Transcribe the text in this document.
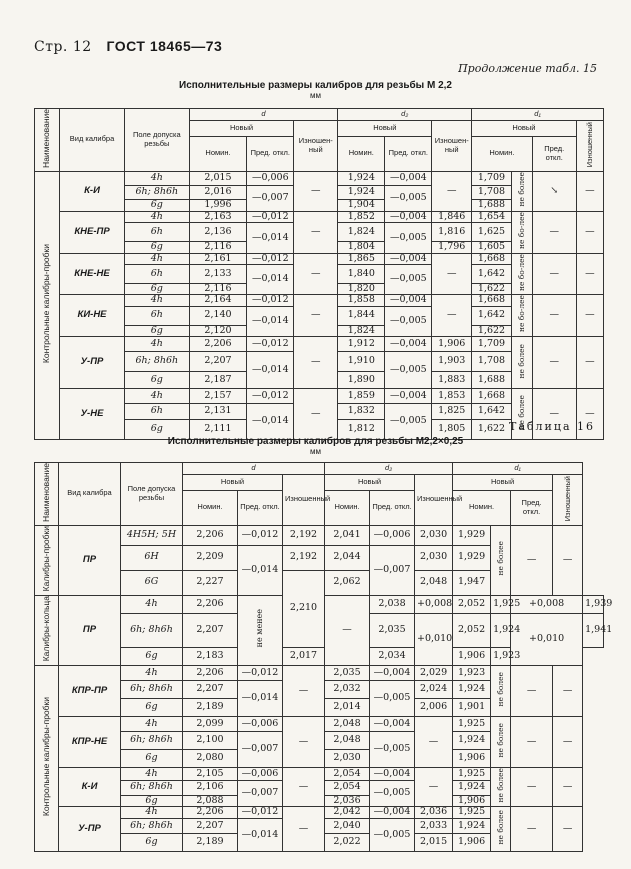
Стр. 12 ГОСТ 18465—73
Продолжение табл. 15
Исполнительные размеры калибров для резьбы М 2,2
мм
Наименование	Вид калибра	Поле допуска резьбы	d			d₂			d₁			
			Новый		Изношен-ный	Новый		Изношен-ный	Новый			Изношенный
			Номин.	Пред. откл.		Номин.	Пред. откл.		Номин.		Пред. откл.	
Контрольные калибры-пробки	К-И	4h	2,015	—0,006	—	1,924	—0,004	—	1,709	не более	↘	—
		6h; 8h6h	2,016	—0,007		1,924	—0,005		1,708			
		6g	1,996			1,904			1,688			
	КНЕ-ПР	4h	2,163	—0,012	—	1,852	—0,004	1,846	1,654	не бо-лее	—	—
		6h	2,136	—0,014		1,824	—0,005	1,816	1,625			
		6g	2,116			1,804		1,796	1,605			
	КНЕ-НЕ	4h	2,161	—0,012	—	1,865	—0,004	—	1,668	не бо-лее	—	—
		6h	2,133	—0,014		1,840	—0,005		1,642			
		6g	2,116			1,820			1,622			
	КИ-НЕ	4h	2,164	—0,012	—	1,858	—0,004	—	1,668	не бо-лее	—	—
		6h	2,140	—0,014		1,844	—0,005		1,642			
		6g	2,120			1,824			1,622			
	У-ПР	4h	2,206	—0,012	—	1,912	—0,004	1,906	1,709	не более	—	—
		6h; 8h6h	2,207	—0,014		1,910	—0,005	1,903	1,708			
		6g	2,187			1,890		1,883	1,688			
	У-НЕ	4h	2,157	—0,012	—	1,859	—0,004	1,853	1,668	не более	—	—
		6h	2,131	—0,014		1,832	—0,005	1,825	1,642			
		6g	2,111			1,812		1,805	1,622			Таблица 16
Исполнительные размеры калибров для резьбы М2,2×0,25
мм
Наименование	Вид калибра	Поле допуска резьбы	d			d₂			d₁				
			Новый		Изношенный	Новый		Изношенный	Новый			Изношенный	
			Номин.	Пред. откл.		Номин.	Пред. откл.		Номин.		Пред. откл.		
Калибры-пробки	ПР	4H5H; 5H	2,206	—0,012	2,192	2,041	—0,006	2,030	1,929	не более	—	—	
		6H	2,209	—0,014	2,192	2,044	—0,007	2,030	1,929				
		6G	2,227		2,210	2,062		2,048	1,947				
Калибры-кольца	ПР	4h	2,206	не менее		—	2,038	+0,008	2,052	1,925	+0,008		1,939
		6h; 8h6h	2,207				2,035	+0,010	2,052	1,924	+0,010		1,941
		6g	2,183		2,017		2,034		1,906	1,923			
Контрольные калибры-пробки	КПР-ПР	4h	2,206	—0,012	—	2,035	—0,004	2,029	1,923	не более	—	—	
		6h; 8h6h	2,207	—0,014		2,032	—0,005	2,024	1,924				
		6g	2,189			2,014		2,006	1,901				
	КПР-НЕ	4h	2,099	—0,006	—	2,048	—0,004	—	1,925	не более	—	—	
		6h; 8h6h	2,100	—0,007		2,048	—0,005		1,924				
		6g	2,080			2,030			1,906				
	К-И	4h	2,105	—0,006	—	2,054	—0,004	—	1,925	не более	—	—	
		6h; 8h6h	2,106	—0,007		2,054	—0,005		1,924				
		6g	2,088			2,036			1,906				
	У-ПР	4h	2,206	—0,012	—	2,042	—0,004	2,036	1,925	не более	—	—	
		6h; 8h6h	2,207	—0,014		2,040	—0,005	2,033	1,924				
		6g	2,189			2,022		2,015	1,906				
